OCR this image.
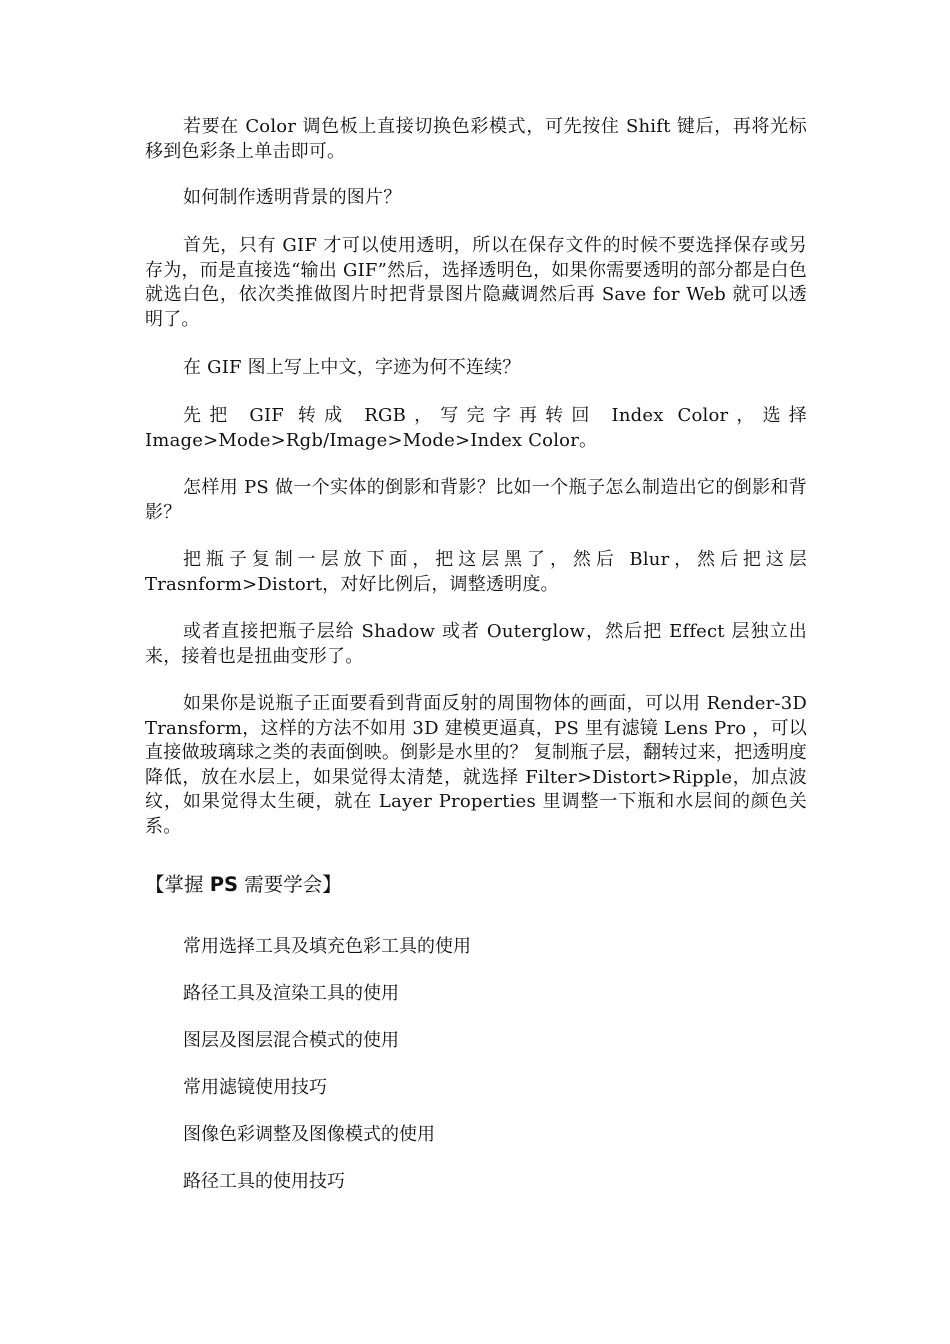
若要在 Color 调色板上直接切换色彩模式，可先按住 Shift 键后，再将光标移到色彩条上单击即可。

如何制作透明背景的图片？

首先，只有 GIF 才可以使用透明，所以在保存文件的时候不要选择保存或另存为，而是直接选“输出 GIF”然后，选择透明色，如果你需要透明的部分都是白色就选白色，依次类推做图片时把背景图片隐藏调然后再 Save for Web 就可以透明了。

在 GIF 图上写上中文，字迹为何不连续？

先把 GIF 转成 RGB，写完字再转回 Index Color，选择 Image>Mode>Rgb/Image>Mode>Index Color。

怎样用 PS 做一个实体的倒影和背影？比如一个瓶子怎么制造出它的倒影和背影？

把瓶子复制一层放下面，把这层黑了，然后 Blur，然后把这层 Trasnform>Distort，对好比例后，调整透明度。

或者直接把瓶子层给 Shadow 或者 Outerglow，然后把 Effect 层独立出来，接着也是扭曲变形了。

如果你是说瓶子正面要看到背面反射的周围物体的画面，可以用 Render-3D Transform，这样的方法不如用 3D 建模更逼真，PS 里有滤镜 Lens Pro ，可以直接做玻璃球之类的表面倒映。倒影是水里的？ 复制瓶子层，翻转过来，把透明度降低，放在水层上，如果觉得太清楚，就选择 Filter>Distort>Ripple，加点波纹，如果觉得太生硬，就在 Layer Properties 里调整一下瓶和水层间的颜色关系。

【掌握 PS 需要学会】

常用选择工具及填充色彩工具的使用

路径工具及渲染工具的使用

图层及图层混合模式的使用

常用滤镜使用技巧

图像色彩调整及图像模式的使用

路径工具的使用技巧
